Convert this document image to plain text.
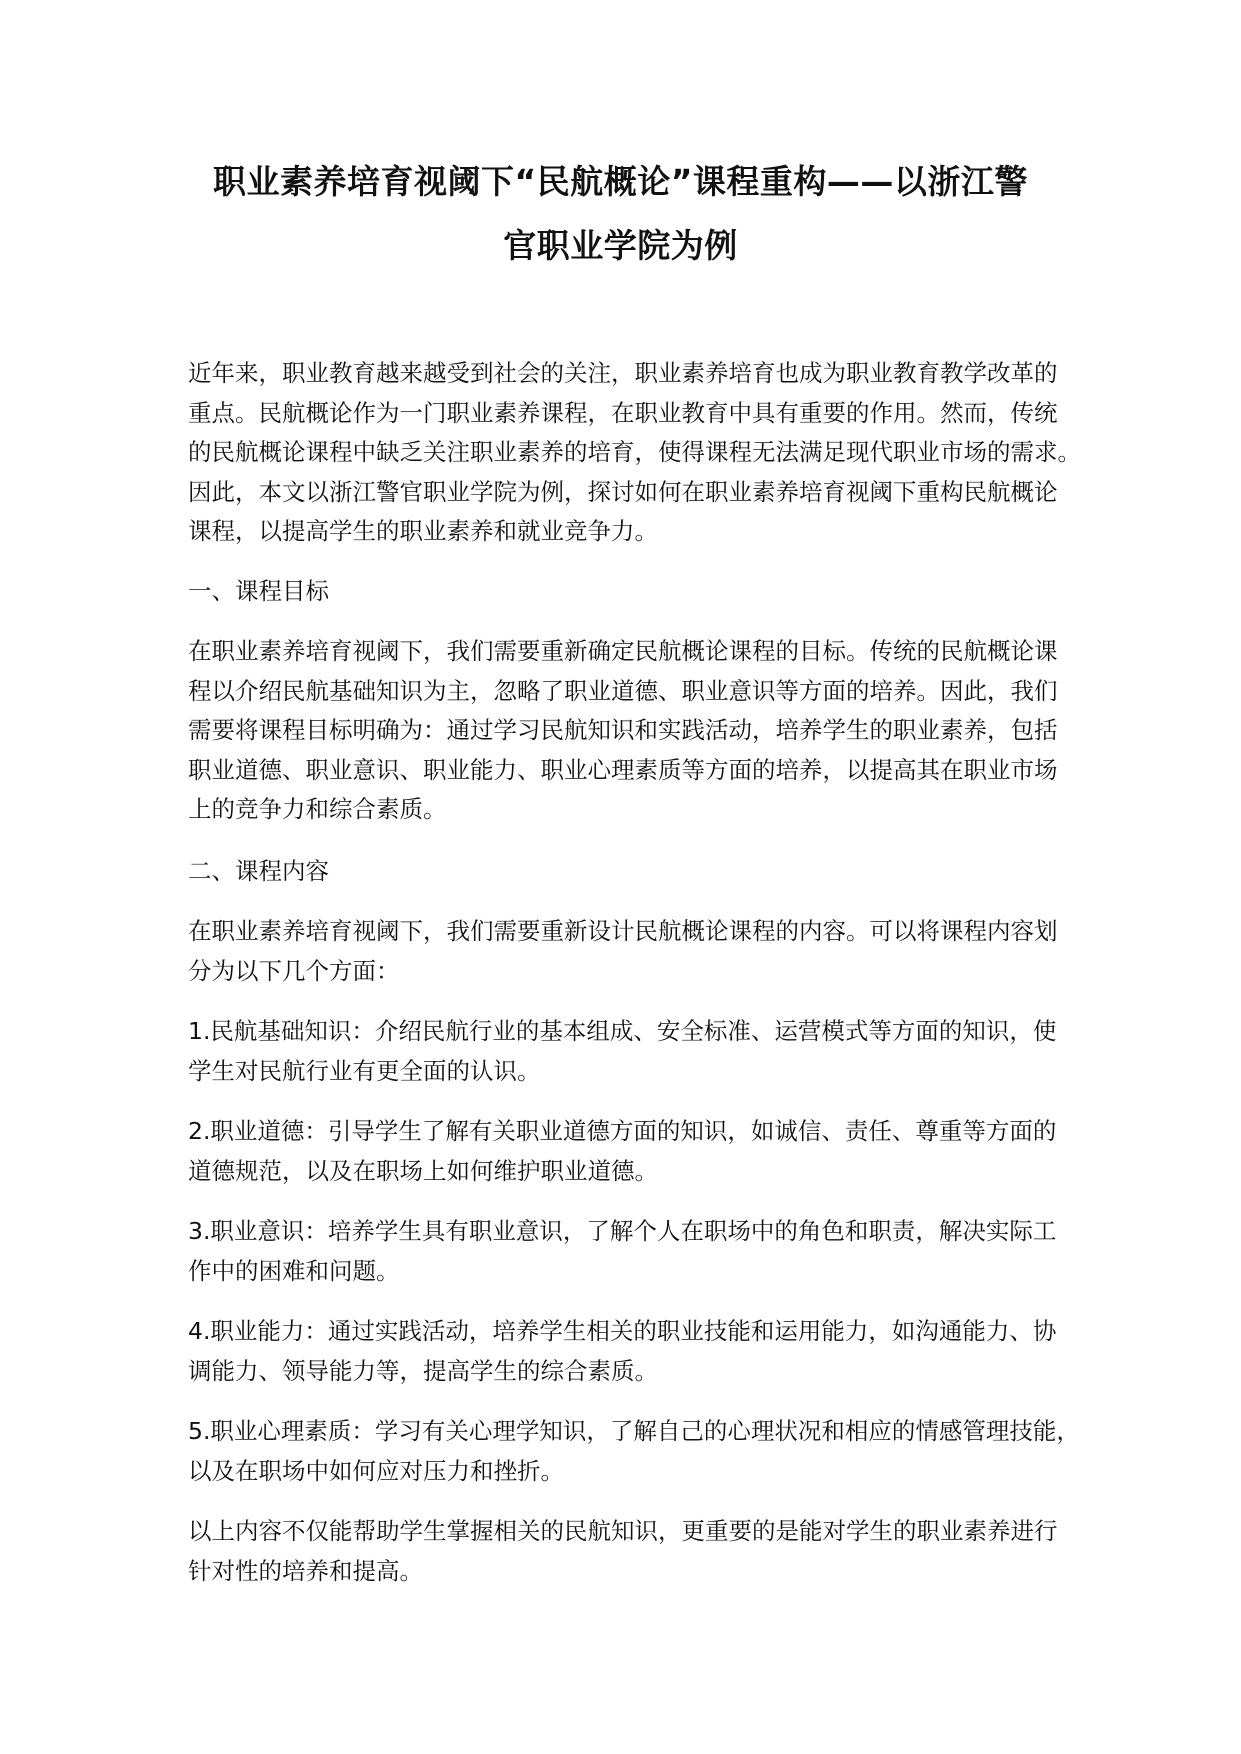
职业素养培育视阈下“民航概论”课程重构——以浙江警
官职业学院为例
近年来，职业教育越来越受到社会的关注，职业素养培育也成为职业教育教学改革的
重点。民航概论作为一门职业素养课程，在职业教育中具有重要的作用。然而，传统
的民航概论课程中缺乏关注职业素养的培育，使得课程无法满足现代职业市场的需求。
因此，本文以浙江警官职业学院为例，探讨如何在职业素养培育视阈下重构民航概论
课程，以提高学生的职业素养和就业竞争力。
一、课程目标
在职业素养培育视阈下，我们需要重新确定民航概论课程的目标。传统的民航概论课
程以介绍民航基础知识为主，忽略了职业道德、职业意识等方面的培养。因此，我们
需要将课程目标明确为：通过学习民航知识和实践活动，培养学生的职业素养，包括
职业道德、职业意识、职业能力、职业心理素质等方面的培养，以提高其在职业市场
上的竞争力和综合素质。
二、课程内容
在职业素养培育视阈下，我们需要重新设计民航概论课程的内容。可以将课程内容划
分为以下几个方面：
1.民航基础知识：介绍民航行业的基本组成、安全标准、运营模式等方面的知识，使
学生对民航行业有更全面的认识。
2.职业道德：引导学生了解有关职业道德方面的知识，如诚信、责任、尊重等方面的
道德规范，以及在职场上如何维护职业道德。
3.职业意识：培养学生具有职业意识，了解个人在职场中的角色和职责，解决实际工
作中的困难和问题。
4.职业能力：通过实践活动，培养学生相关的职业技能和运用能力，如沟通能力、协
调能力、领导能力等，提高学生的综合素质。
5.职业心理素质：学习有关心理学知识，了解自己的心理状况和相应的情感管理技能，
以及在职场中如何应对压力和挫折。
以上内容不仅能帮助学生掌握相关的民航知识，更重要的是能对学生的职业素养进行
针对性的培养和提高。
